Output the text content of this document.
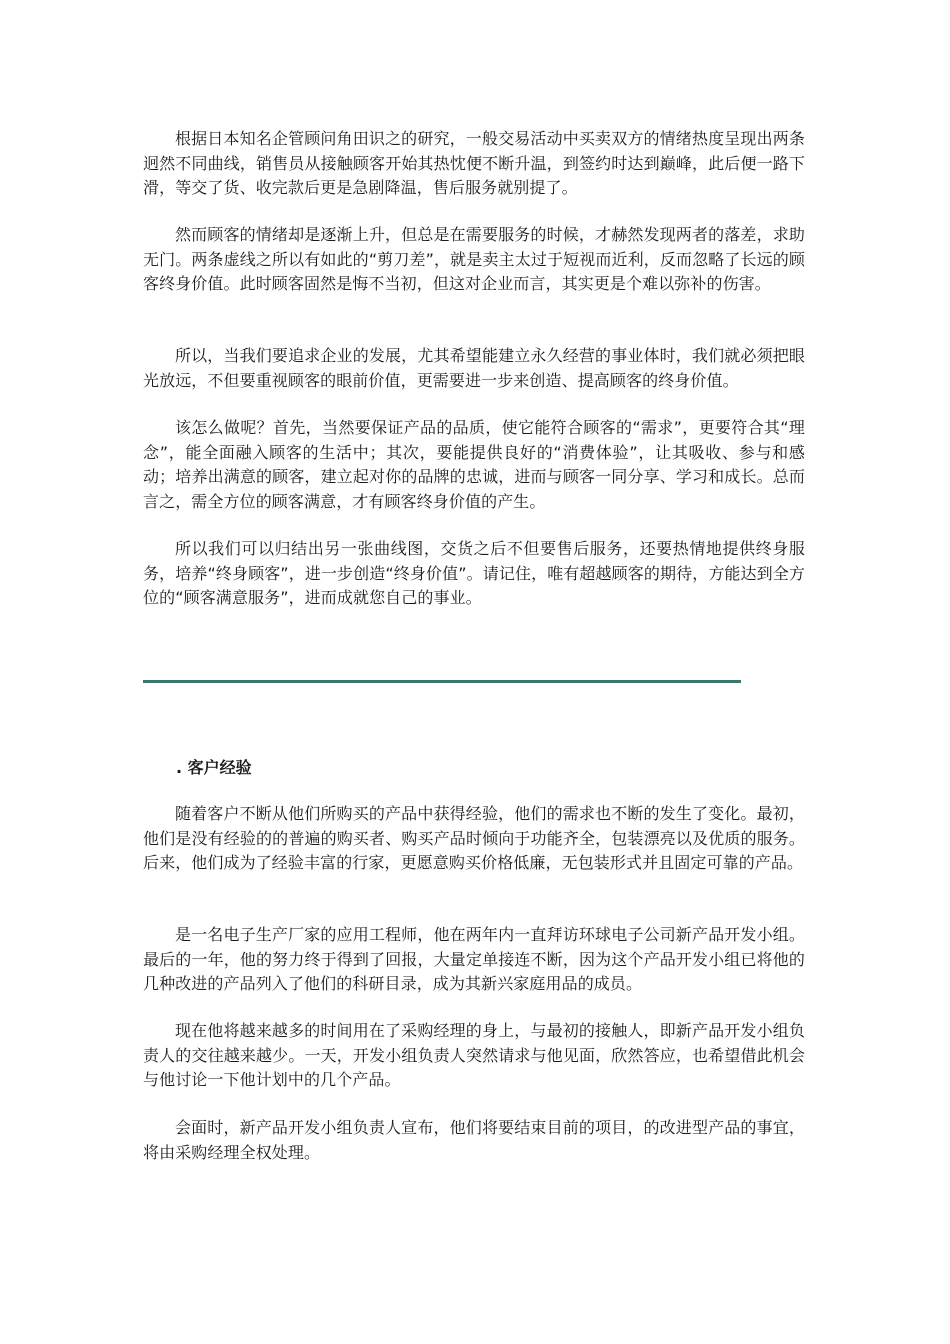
根据日本知名企管顾问角田识之的研究，一般交易活动中买卖双方的情绪热度呈现出两条迥然不同曲线，销售员从接触顾客开始其热忱便不断升温，到签约时达到巅峰，此后便一路下滑，等交了货、收完款后更是急剧降温，售后服务就别提了。

然而顾客的情绪却是逐渐上升，但总是在需要服务的时候，才赫然发现两者的落差，求助无门。两条虚线之所以有如此的“剪刀差”，就是卖主太过于短视而近利，反而忽略了长远的顾客终身价值。此时顾客固然是悔不当初，但这对企业而言，其实更是个难以弥补的伤害。

所以，当我们要追求企业的发展，尤其希望能建立永久经营的事业体时，我们就必须把眼光放远，不但要重视顾客的眼前价值，更需要进一步来创造、提高顾客的终身价值。

该怎么做呢？首先，当然要保证产品的品质，使它能符合顾客的“需求”，更要符合其“理念”，能全面融入顾客的生活中；其次，要能提供良好的“消费体验”，让其吸收、参与和感动；培养出满意的顾客，建立起对你的品牌的忠诚，进而与顾客一同分享、学习和成长。总而言之，需全方位的顾客满意，才有顾客终身价值的产生。

所以我们可以归结出另一张曲线图，交货之后不但要售后服务，还要热情地提供终身服务，培养“终身顾客”，进一步创造“终身价值”。请记住，唯有超越顾客的期待，方能达到全方位的“顾客满意服务”，进而成就您自己的事业。

. 客户经验

随着客户不断从他们所购买的产品中获得经验，他们的需求也不断的发生了变化。最初，他们是没有经验的的普遍的购买者、购买产品时倾向于功能齐全，包装漂亮以及优质的服务。后来，他们成为了经验丰富的行家，更愿意购买价格低廉，无包装形式并且固定可靠的产品。

是一名电子生产厂家的应用工程师，他在两年内一直拜访环球电子公司新产品开发小组。最后的一年，他的努力终于得到了回报，大量定单接连不断，因为这个产品开发小组已将他的几种改进的产品列入了他们的科研目录，成为其新兴家庭用品的成员。

现在他将越来越多的时间用在了采购经理的身上，与最初的接触人，即新产品开发小组负责人的交往越来越少。一天，开发小组负责人突然请求与他见面，欣然答应，也希望借此机会与他讨论一下他计划中的几个产品。

会面时，新产品开发小组负责人宣布，他们将要结束目前的项目，的改进型产品的事宜，将由采购经理全权处理。
